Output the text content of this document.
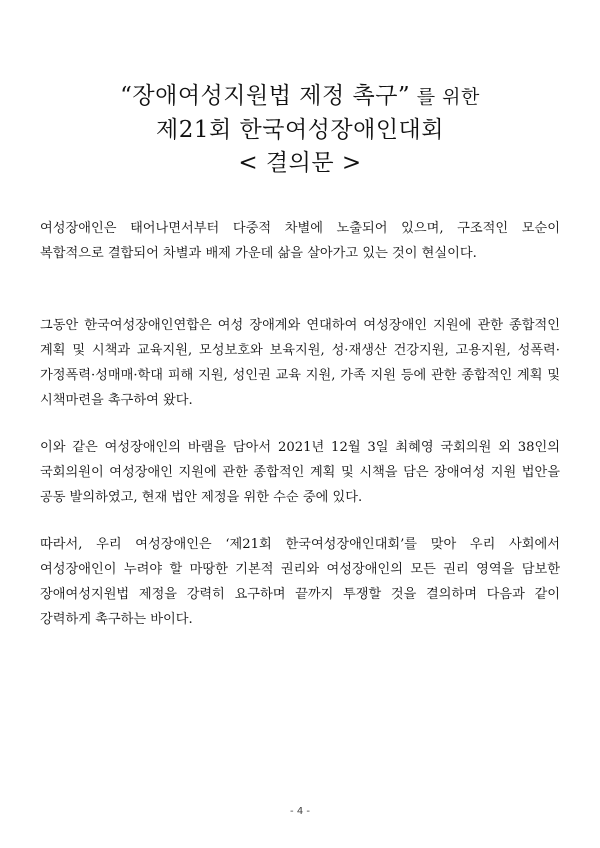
“장애여성지원법 제정 촉구” 를 위한
제21회 한국여성장애인대회
< 결의문 >

여성장애인은 태어나면서부터 다중적 차별에 노출되어 있으며, 구조적인 모순이 복합적으로 결합되어 차별과 배제 가운데 삶을 살아가고 있는 것이 현실이다.

그동안 한국여성장애인연합은 여성 장애계와 연대하여 여성장애인 지원에 관한 종합적인 계획 및 시책과 교육지원, 모성보호와 보육지원, 성·재생산 건강지원, 고용지원, 성폭력·가정폭력·성매매·학대 피해 지원, 성인권 교육 지원, 가족 지원 등에 관한 종합적인 계획 및 시책마련을 촉구하여 왔다.

이와 같은 여성장애인의 바램을 담아서 2021년 12월 3일 최혜영 국회의원 외 38인의 국회의원이 여성장애인 지원에 관한 종합적인 계획 및 시책을 담은 장애여성 지원 법안을 공동 발의하였고, 현재 법안 제정을 위한 수순 중에 있다.

따라서, 우리 여성장애인은 ‘제21회 한국여성장애인대회’를 맞아 우리 사회에서 여성장애인이 누려야 할 마땅한 기본적 권리와 여성장애인의 모든 권리 영역을 담보한 장애여성지원법 제정을 강력히 요구하며 끝까지 투쟁할 것을 결의하며 다음과 같이 강력하게 촉구하는 바이다.

- 4 -
